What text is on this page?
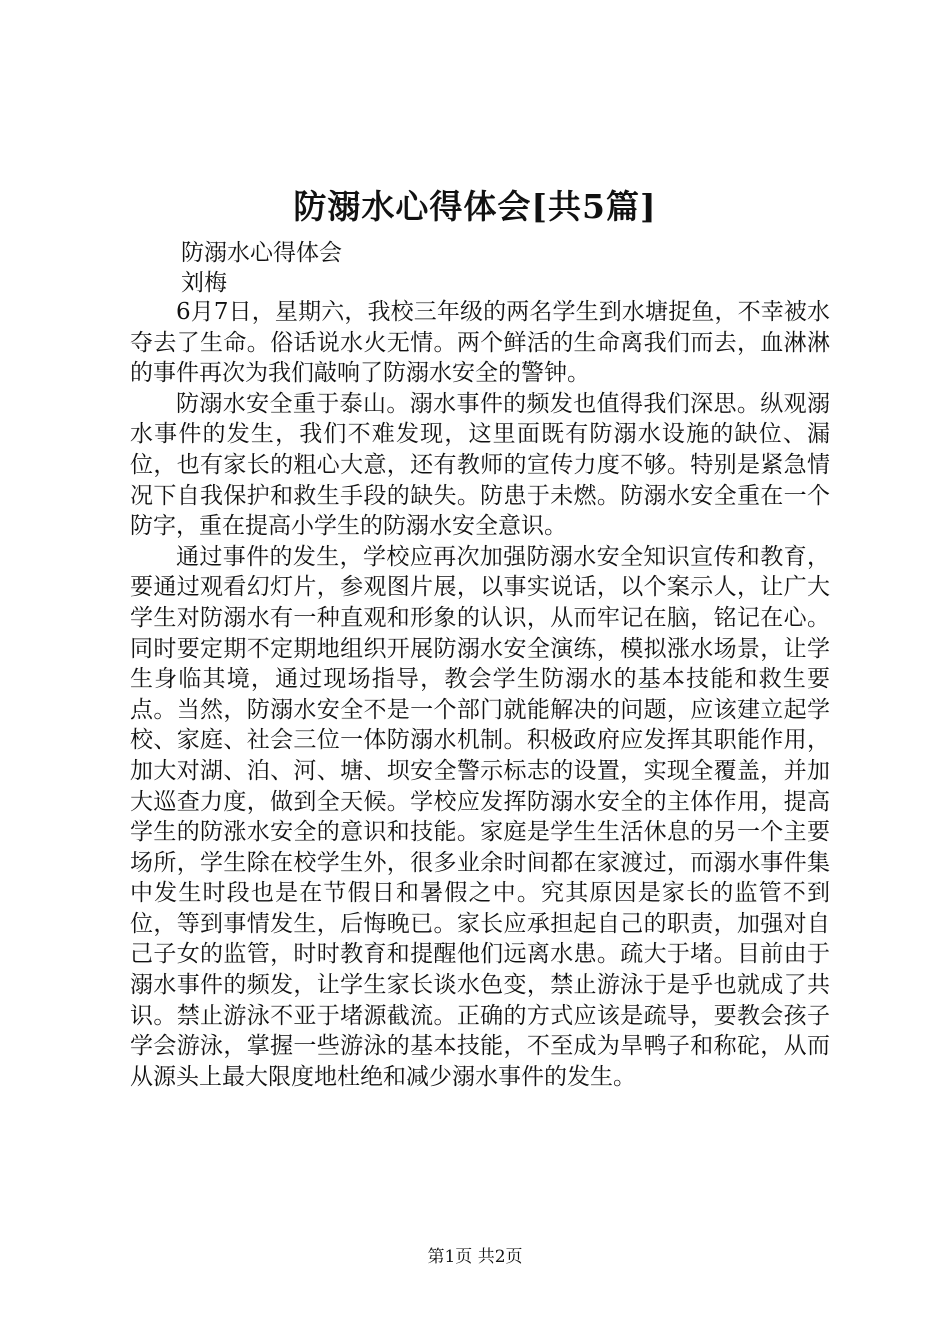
防溺水心得体会[共5篇]
防溺水心得体会
刘梅

6月7日，星期六，我校三年级的两名学生到水塘捉鱼，不幸被水夺去了生命。俗话说水火无情。两个鲜活的生命离我们而去，血淋淋的事件再次为我们敲响了防溺水安全的警钟。

防溺水安全重于泰山。溺水事件的频发也值得我们深思。纵观溺水事件的发生，我们不难发现，这里面既有防溺水设施的缺位、漏位，也有家长的粗心大意，还有教师的宣传力度不够。特别是紧急情况下自我保护和救生手段的缺失。防患于未燃。防溺水安全重在一个防字，重在提高小学生的防溺水安全意识。

通过事件的发生，学校应再次加强防溺水安全知识宣传和教育，要通过观看幻灯片，参观图片展，以事实说话，以个案示人，让广大学生对防溺水有一种直观和形象的认识，从而牢记在脑，铭记在心。同时要定期不定期地组织开展防溺水安全演练，模拟涨水场景，让学生身临其境，通过现场指导，教会学生防溺水的基本技能和救生要点。当然，防溺水安全不是一个部门就能解决的问题，应该建立起学校、家庭、社会三位一体防溺水机制。积极政府应发挥其职能作用，加大对湖、泊、河、塘、坝安全警示标志的设置，实现全覆盖，并加大巡查力度，做到全天候。学校应发挥防溺水安全的主体作用，提高学生的防涨水安全的意识和技能。家庭是学生生活休息的另一个主要场所，学生除在校学生外，很多业余时间都在家渡过，而溺水事件集中发生时段也是在节假日和暑假之中。究其原因是家长的监管不到位，等到事情发生，后悔晚已。家长应承担起自己的职责，加强对自己子女的监管，时时教育和提醒他们远离水患。疏大于堵。目前由于溺水事件的频发，让学生家长谈水色变，禁止游泳于是乎也就成了共识。禁止游泳不亚于堵源截流。正确的方式应该是疏导，要教会孩子学会游泳，掌握一些游泳的基本技能，不至成为旱鸭子和称砣，从而从源头上最大限度地杜绝和减少溺水事件的发生。

第1页 共2页
